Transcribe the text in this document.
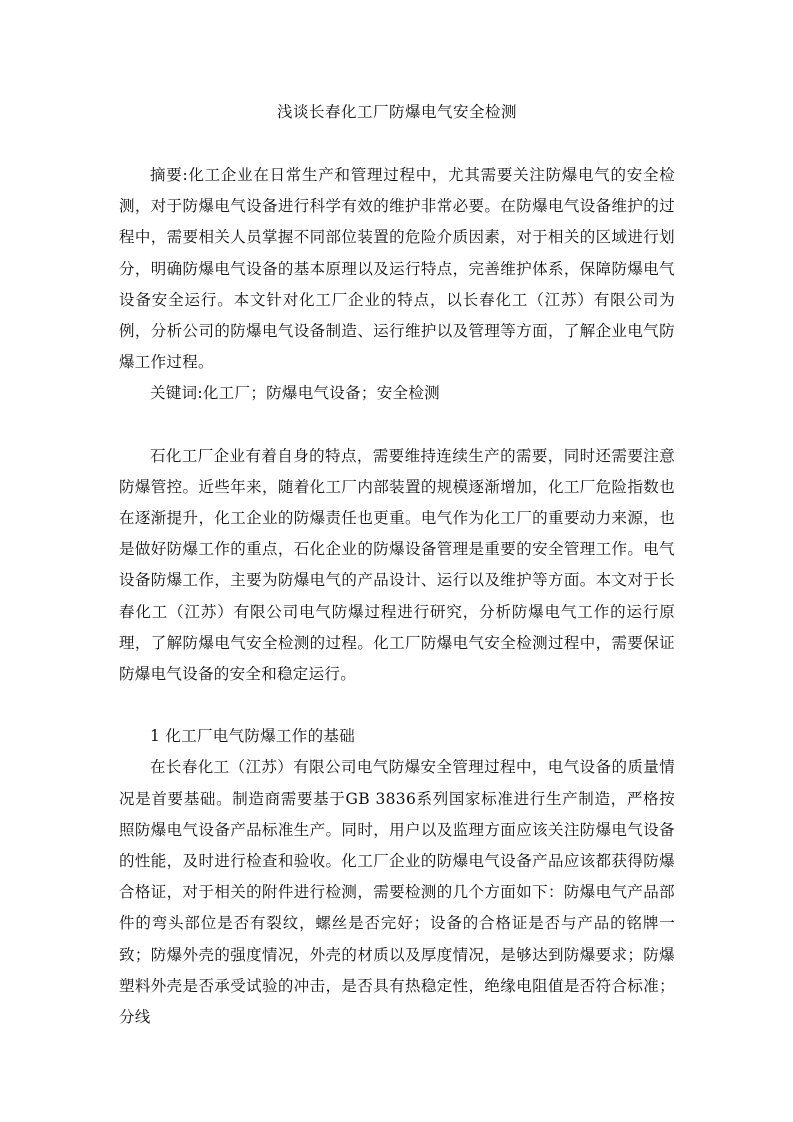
浅谈长春化工厂防爆电气安全检测

摘要:化工企业在日常生产和管理过程中，尤其需要关注防爆电气的安全检测，对于防爆电气设备进行科学有效的维护非常必要。在防爆电气设备维护的过程中，需要相关人员掌握不同部位装置的危险介质因素，对于相关的区域进行划分，明确防爆电气设备的基本原理以及运行特点，完善维护体系，保障防爆电气设备安全运行。本文针对化工厂企业的特点，以长春化工（江苏）有限公司为例，分析公司的防爆电气设备制造、运行维护以及管理等方面，了解企业电气防爆工作过程。

关键词:化工厂；防爆电气设备；安全检测

石化工厂企业有着自身的特点，需要维持连续生产的需要，同时还需要注意防爆管控。近些年来，随着化工厂内部装置的规模逐渐增加，化工厂危险指数也在逐渐提升，化工企业的防爆责任也更重。电气作为化工厂的重要动力来源，也是做好防爆工作的重点，石化企业的防爆设备管理是重要的安全管理工作。电气设备防爆工作，主要为防爆电气的产品设计、运行以及维护等方面。本文对于长春化工（江苏）有限公司电气防爆过程进行研究，分析防爆电气工作的运行原理，了解防爆电气安全检测的过程。化工厂防爆电气安全检测过程中，需要保证防爆电气设备的安全和稳定运行。

1 化工厂电气防爆工作的基础

在长春化工（江苏）有限公司电气防爆安全管理过程中，电气设备的质量情况是首要基础。制造商需要基于GB 3836系列国家标准进行生产制造，严格按照防爆电气设备产品标准生产。同时，用户以及监理方面应该关注防爆电气设备的性能，及时进行检查和验收。化工厂企业的防爆电气设备产品应该都获得防爆合格证，对于相关的附件进行检测，需要检测的几个方面如下：防爆电气产品部件的弯头部位是否有裂纹，螺丝是否完好；设备的合格证是否与产品的铭牌一致；防爆外壳的强度情况，外壳的材质以及厚度情况，是够达到防爆要求；防爆塑料外壳是否承受试验的冲击，是否具有热稳定性，绝缘电阻值是否符合标准；分线
